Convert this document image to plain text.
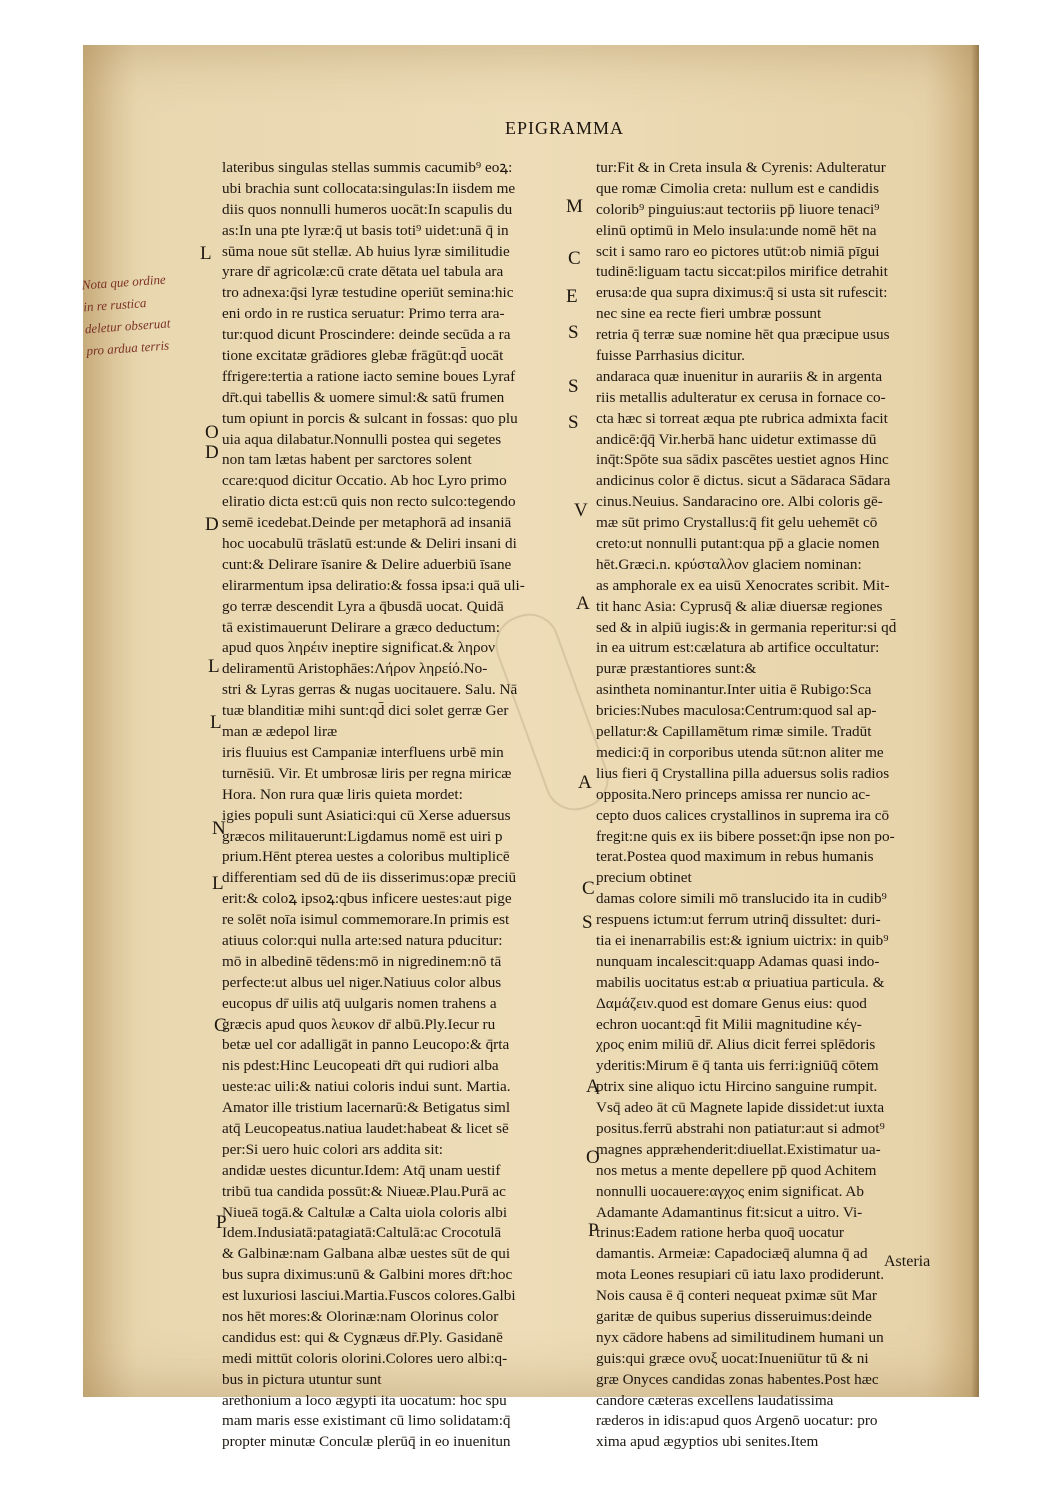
EPIGRAMMA
Nota que ordine
in re rustica
deletur obseruat
pro ardua terris
lateribus singulas stellas summis cacumib⁹ eoꝝ:
ubi brachia sunt collocata:singulas:In iisdem me
diis quos nonnulli humeros uocāt:In scapulis du
as:In una pte lyræ:q̄ ut basis toti⁹ uidet:unā q̄ in
sūma noue sūt stellæ. Ab huius lyræ similitudie
yrare dr̄ agricolæ:cū crate dētata uel tabula ara
tro adnexa:q̄si lyræ testudine operiūt semina:hic
eni ordo in re rustica seruatur: Primo terra ara-
tur:quod dicunt Proscindere: deinde secūda a ra
tione excitatæ grādiores glebæ frāgūt:qd̄ uocāt
ffrigere:tertia a ratione iacto semine boues Lyraf
dr̄t.qui tabellis & uomere simul:& satū frumen
tum opiunt in porcis & sulcant in fossas: quo plu
uia aqua dilabatur.Nonnulli postea qui segetes
non tam lætas habent per sarctores solent
ccare:quod dicitur Occatio. Ab hoc Lyro primo
eliratio dicta est:cū quis non recto sulco:tegendo
semē icedebat.Deinde per metaphorā ad insaniā
hoc uocabulū trāslatū est:unde & Deliri insani di
cunt:& Delirare īsanire & Delire aduerbiū īsane
elirarmentum ipsa deliratio:& fossa ipsa:i quā uli-
go terræ descendit Lyra a q̄busdā uocat. Quidā
tā existimauerunt Delirare a græco deductum:
apud quos ληρέιν ineptire significat.& ληρον
deliramentū Aristophāes:Λήρον ληρείό.No-
stri & Lyras gerras & nugas uocitauere. Salu. Nā
tuæ blanditiæ mihi sunt:qd̄ dici solet gerræ Ger
man æ ædepol liræ
iris fluuius est Campaniæ interfluens urbē min
turnēsiū. Vir. Et umbrosæ liris per regna miricæ
Hora. Non rura quæ liris quieta mordet:
igies populi sunt Asiatici:qui cū Xerse aduersus
græcos militauerunt:Ligdamus nomē est uiri p
prium.Hēnt pterea uestes a coloribus multiplicē
differentiam sed dū de iis disserimus:opæ preciū
erit:& coloꝝ ipsoꝝ:qbus inficere uestes:aut pige
re solēt noīa isimul commemorare.In primis est
atiuus color:qui nulla arte:sed natura pducitur:
mō in albedinē tēdens:mō in nigredinem:nō tā
perfecte:ut albus uel niger.Natiuus color albus
eucopus dr̄ uilis atq̄ uulgaris nomen trahens a
græcis apud quos λευκον dr̄ albū.Ply.Iecur ru
betæ uel cor adalligāt in panno Leucopo:& q̄rta
nis pdest:Hinc Leucopeati dr̄t qui rudiori alba
ueste:ac uili:& natiui coloris indui sunt. Martia.
Amator ille tristium lacernarū:& Betigatus siml
atq̄ Leucopeatus.natiua laudet:habeat & licet sē
per:Si uero huic colori ars addita sit:
andidæ uestes dicuntur.Idem: Atq̄ unam uestif
tribū tua candida possūt:& Niueæ.Plau.Purā ac
Niueā togā.& Caltulæ a Calta uiola coloris albi
Idem.Indusiatā:patagiatā:Caltulā:ac Crocotulā
& Galbinæ:nam Galbana albæ uestes sūt de qui
bus supra diximus:unū & Galbini mores dr̄t:hoc
est luxuriosi lasciui.Martia.Fuscos colores.Galbi
nos hēt mores:& Olorinæ:nam Olorinus color
candidus est: qui & Cygnæus dr̄.Ply. Gasidanē
medi mittūt coloris olorini.Colores uero albi:q-
bus in pictura utuntur sunt
arethonium a loco ægypti ita uocatum: hoc spu
mam maris esse existimant cū limo solidatam:q̄
propter minutæ Conculæ plerūq̄ in eo inuenitun
tur:Fit & in Creta insula & Cyrenis: Adulteratur
que romæ Cimolia creta: nullum est e candidis
colorib⁹ pinguius:aut tectoriis pp̄ liuore tenaci⁹
elinū optimū in Melo insula:unde nomē hēt na
scit i samo raro eo pictores utūt:ob nimiā pīgui
tudinē:liguam tactu siccat:pilos mirifice detrahit
erusa:de qua supra diximus:q̄ si usta sit rufescit:
nec sine ea recte fieri umbræ possunt
retria q̄ terræ suæ nomine hēt qua præcipue usus
fuisse Parrhasius dicitur.
andaraca quæ inuenitur in aurariis & in argenta
riis metallis adulteratur ex cerusa in fornace co-
cta hæc si torreat æqua pte rubrica admixta facit
andicē:q̄q̄ Vir.herbā hanc uidetur extimasse dū
inq̄t:Spōte sua sādix pascētes uestiet agnos Hinc
andicinus color ē dictus. sicut a Sādaraca Sādara
cinus.Neuius. Sandaracino ore. Albi coloris gē-
mæ sūt primo Crystallus:q̄ fit gelu uehemēt cō
creto:ut nonnulli putant:qua pp̄ a glacie nomen
hēt.Græci.n. κρύσταλλον glaciem nominan:
as amphorale ex ea uisū Xenocrates scribit. Mit-
tit hanc Asia: Cyprusq̄ & aliæ diuersæ regiones
sed & in alpiū iugis:& in germania reperitur:si qd̄
in ea uitrum est:cælatura ab artifice occultatur:
puræ præstantiores sunt:&
asintheta nominantur.Inter uitia ē Rubigo:Sca
bricies:Nubes maculosa:Centrum:quod sal ap-
pellatur:& Capillamētum rimæ simile. Tradūt
medici:q̄ in corporibus utenda sūt:non aliter me
lius fieri q̄ Crystallina pilla aduersus solis radios
opposita.Nero princeps amissa rer nuncio ac-
cepto duos calices crystallinos in suprema ira cō
fregit:ne quis ex iis bibere posset:q̄n ipse non po-
terat.Postea quod maximum in rebus humanis
precium obtinet
damas colore simili mō transluсido ita in cudib⁹
respuens ictum:ut ferrum utrinq̄ dissultet: duri-
tia ei inenarrabilis est:& ignium uictrix: in quib⁹
nunquam incalescit:quapp Adamas quasi indo-
mabilis uocitatus est:ab α priuatiua particula. &
Δαμάζειν.quod est domare Genus eius: quod
echron uocant:qd̄ fit Milii magnitudine κέγ-
χρος enim miliū dr̄. Alius dicit ferrei splēdoris
yderitis:Mirum ē q̄ tanta uis ferri:igniūq̄ cōtem
ptrix sine aliquo ictu Hircino sanguine rumpit.
Vsq̄ adeo āt cū Magnete lapide dissidet:ut iuxta
positus.ferrū abstrahi non patiatur:aut si admot⁹
magnes appræhenderit:diuellat.Existimatur ua-
nos metus a mente depellere pp̄ quod Achitem
nonnulli uocauere:αγχος enim significat. Ab
Adamante Adamantinus fit:sicut a uitro. Vi-
trinus:Eadem ratione herba quoq̄ uocatur
damantis. Armeiæ: Capadociæq̄ alumna q̄ ad
mota Leones resupiari cū iatu laxo prodiderunt.
Nois causa ē q̄ conteri nequeat pximæ sūt Mar
garitæ de quibus superius disseruimus:deinde
nyx cādore habens ad similitudinem humani un
guis:qui græce ονυξ uocat:Inueniūtur tū & ni
græ Onyces candidas zonas habentes.Post hæc
candore cæteras excellens laudatissima
ræderos in idis:apud quos Argenō uocatur: pro
xima apud ægyptios ubi senites.Item
L
O
D
D
L
L
N
L
C
P
M
C
E
S
S
S
V
A
A
C
S
A
O
P
Asteria
